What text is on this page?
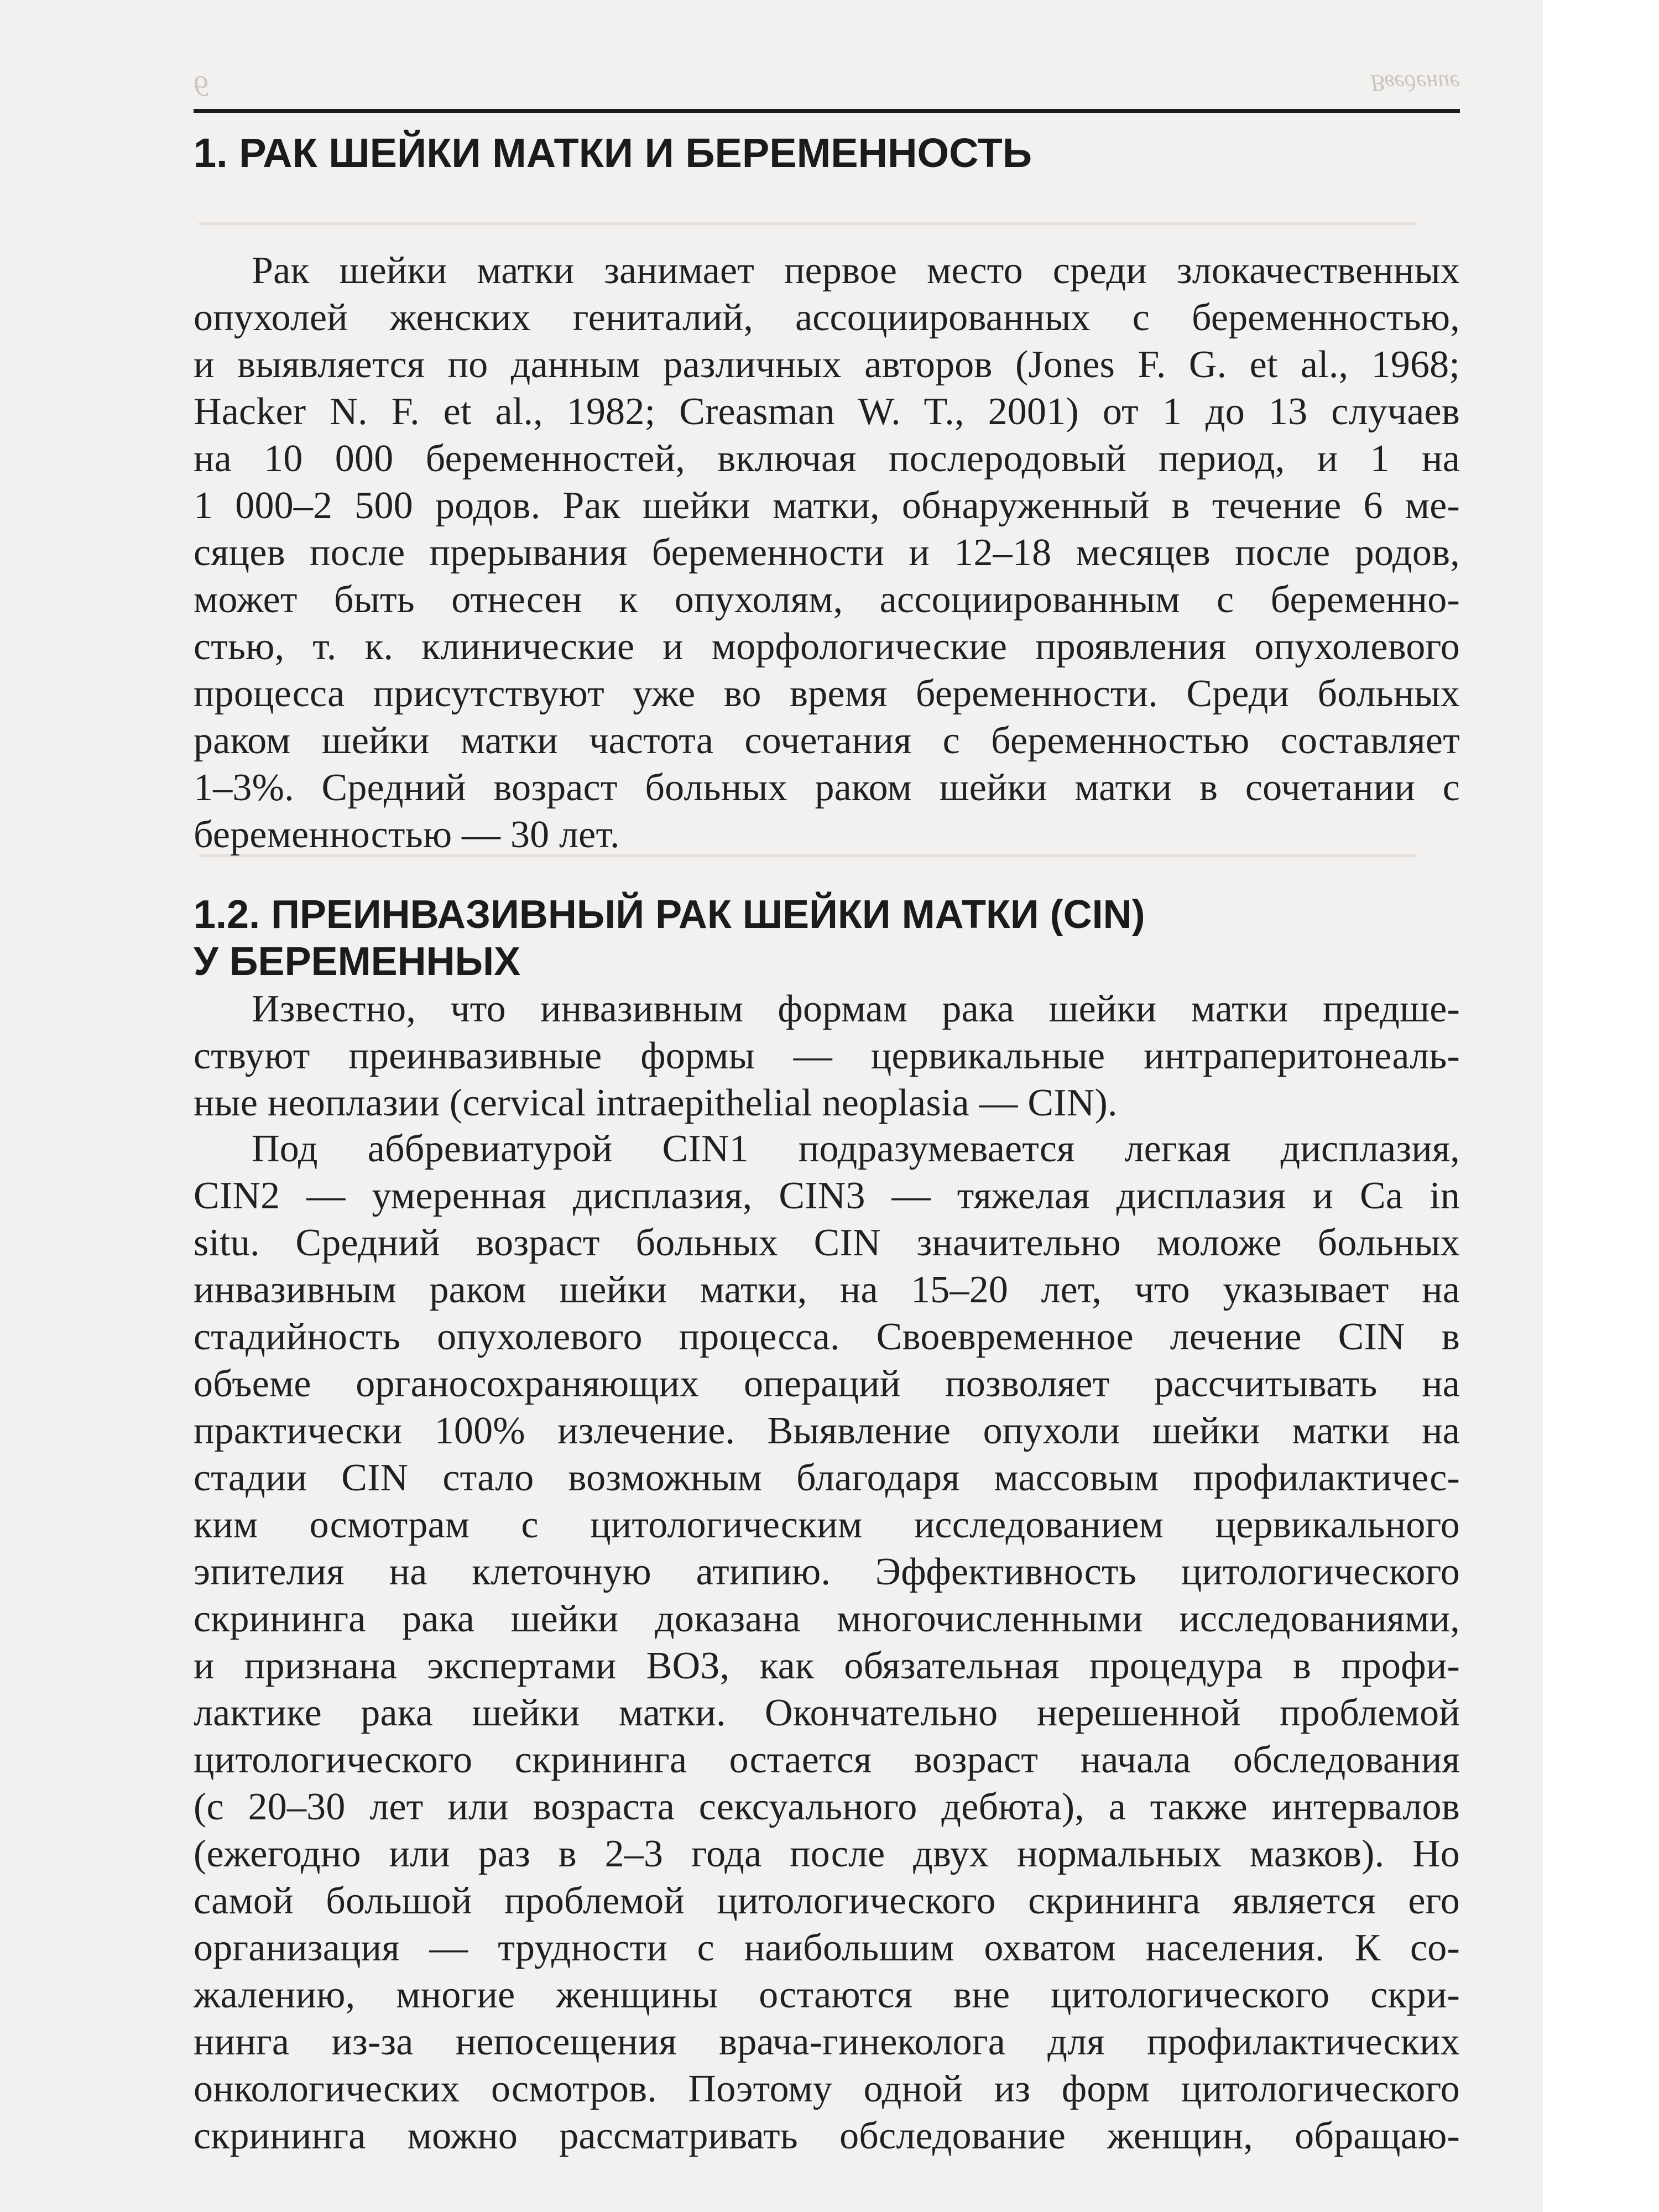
6	Введение
1. РАК ШЕЙКИ МАТКИ И БЕРЕМЕННОСТЬ
Рак шейки матки занимает первое место среди злокачественных
опухолей женских гениталий, ассоциированных с беременностью,
и выявляется по данным различных авторов (Jones F. G. et al., 1968;
Hacker N. F. et al., 1982; Creasman W. T., 2001) от 1 до 13 случаев
на 10 000 беременностей, включая послеродовый период, и 1 на
1 000–2 500 родов. Рак шейки матки, обнаруженный в течение 6 ме-
сяцев после прерывания беременности и 12–18 месяцев после родов,
может быть отнесен к опухолям, ассоциированным с беременно-
стью, т. к. клинические и морфологические проявления опухолевого
процесса присутствуют уже во время беременности. Среди больных
раком шейки матки частота сочетания с беременностью составляет
1–3%. Средний возраст больных раком шейки матки в сочетании с
беременностью — 30 лет.
1.2. ПРЕИНВАЗИВНЫЙ РАК ШЕЙКИ МАТКИ (CIN)
У БЕРЕМЕННЫХ
Известно, что инвазивным формам рака шейки матки предше-
ствуют преинвазивные формы — цервикальные интраперитонеаль-
ные неоплазии (cervical intraepithelial neoplasia — CIN).
Под аббревиатурой CIN1 подразумевается легкая дисплазия,
CIN2 — умеренная дисплазия, CIN3 — тяжелая дисплазия и Ca in
situ. Средний возраст больных CIN значительно моложе больных
инвазивным раком шейки матки, на 15–20 лет, что указывает на
стадийность опухолевого процесса. Своевременное лечение CIN в
объеме органосохраняющих операций позволяет рассчитывать на
практически 100% излечение. Выявление опухоли шейки матки на
стадии CIN стало возможным благодаря массовым профилактичес-
ким осмотрам с цитологическим исследованием цервикального
эпителия на клеточную атипию. Эффективность цитологического
скрининга рака шейки доказана многочисленными исследованиями,
и признана экспертами ВОЗ, как обязательная процедура в профи-
лактике рака шейки матки. Окончательно нерешенной проблемой
цитологического скрининга остается возраст начала обследования
(с 20–30 лет или возраста сексуального дебюта), а также интервалов
(ежегодно или раз в 2–3 года после двух нормальных мазков). Но
самой большой проблемой цитологического скрининга является его
организация — трудности с наибольшим охватом населения. К со-
жалению, многие женщины остаются вне цитологического скри-
нинга из-за непосещения врача-гинеколога для профилактических
онкологических осмотров. Поэтому одной из форм цитологического
скрининга можно рассматривать обследование женщин, обращаю-
